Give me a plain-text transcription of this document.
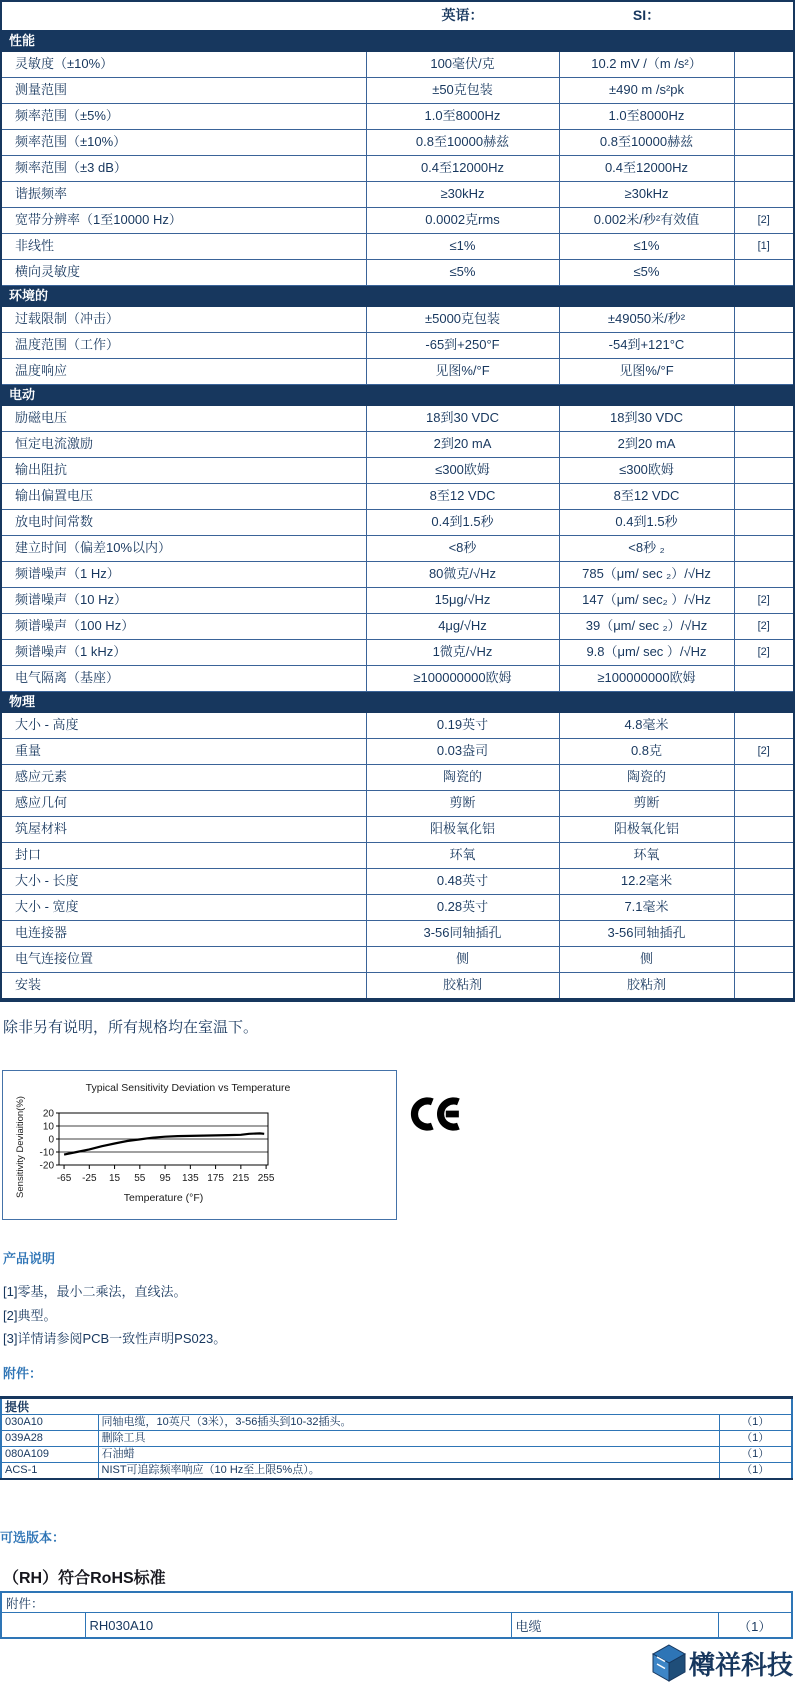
	英语：	SI：	
性能			
灵敏度（±10%）	100毫伏/克	10.2 mV /（m /s²）	
测量范围	±50克包装	±490 m /s²pk	
频率范围（±5%）	1.0至8000Hz	1.0至8000Hz	
频率范围（±10%）	0.8至10000赫兹	0.8至10000赫兹	
频率范围（±3 dB）	0.4至12000Hz	0.4至12000Hz	
谐振频率	≥30kHz	≥30kHz	
宽带分辨率（1至10000 Hz）	0.0002克rms	0.002米/秒²有效值	[2]
非线性	≤1%	≤1%	[1]
横向灵敏度	≤5%	≤5%	
环境的			
过载限制（冲击）	±5000克包装	±49050米/秒²	
温度范围（工作）	-65到+250°F	-54到+121°C	
温度响应	见图%/°F	见图%/°F	
电动			
励磁电压	18到30 VDC	18到30 VDC	
恒定电流激励	2到20 mA	2到20 mA	
输出阻抗	≤300欧姆	≤300欧姆	
输出偏置电压	8至12 VDC	8至12 VDC	
放电时间常数	0.4到1.5秒	0.4到1.5秒	
建立时间（偏差10%以内）	<8秒	<8秒 ₂	
频谱噪声（1 Hz）	80微克/√Hz	785（μm/ sec ₂）/√Hz	
频谱噪声（10 Hz）	15μg/√Hz	147（μm/ sec₂ ）/√Hz	[2]
频谱噪声（100 Hz）	4μg/√Hz	39（μm/ sec ₂）/√Hz	[2]
频谱噪声（1 kHz）	1微克/√Hz	9.8（μm/ sec ）/√Hz	[2]
电气隔离（基座）	≥100000000欧姆	≥100000000欧姆	
物理			
大小 - 高度	0.19英寸	4.8毫米	
重量	0.03盎司	0.8克	[2]
感应元素	陶瓷的	陶瓷的	
感应几何	剪断	剪断	
筑屋材料	阳极氧化铝	阳极氧化铝	
封口	环氧	环氧	
大小 - 长度	0.48英寸	12.2毫米	
大小 - 宽度	0.28英寸	7.1毫米	
电连接器	3-56同轴插孔	3-56同轴插孔	
电气连接位置	侧	侧	
安装	胶粘剂	胶粘剂	
除非另有说明，所有规格均在室温下。
Typical Sensitivity Deviation vs Temperature
Sensitivity Deviaition(%) 20
10
0
-10
-20
-65 -25 15 55 95 135 175 215 255
Temperature (°F)
产品说明
[1]零基，最小二乘法，直线法。
[2]典型。
[3]详情请参阅PCB一致性声明PS023。
附件：
提供		
030A10	同轴电缆，10英尺（3米），3-56插头到10-32插头。	（1）
039A28	删除工具	（1）
080A109	石油蜡	（1）
ACS-1	NIST可追踪频率响应（10 Hz至上限5%点）。	（1）
可选版本：
（RH）符合RoHS标准
附件：
	RH030A10	电缆	（1）
樽祥科技
